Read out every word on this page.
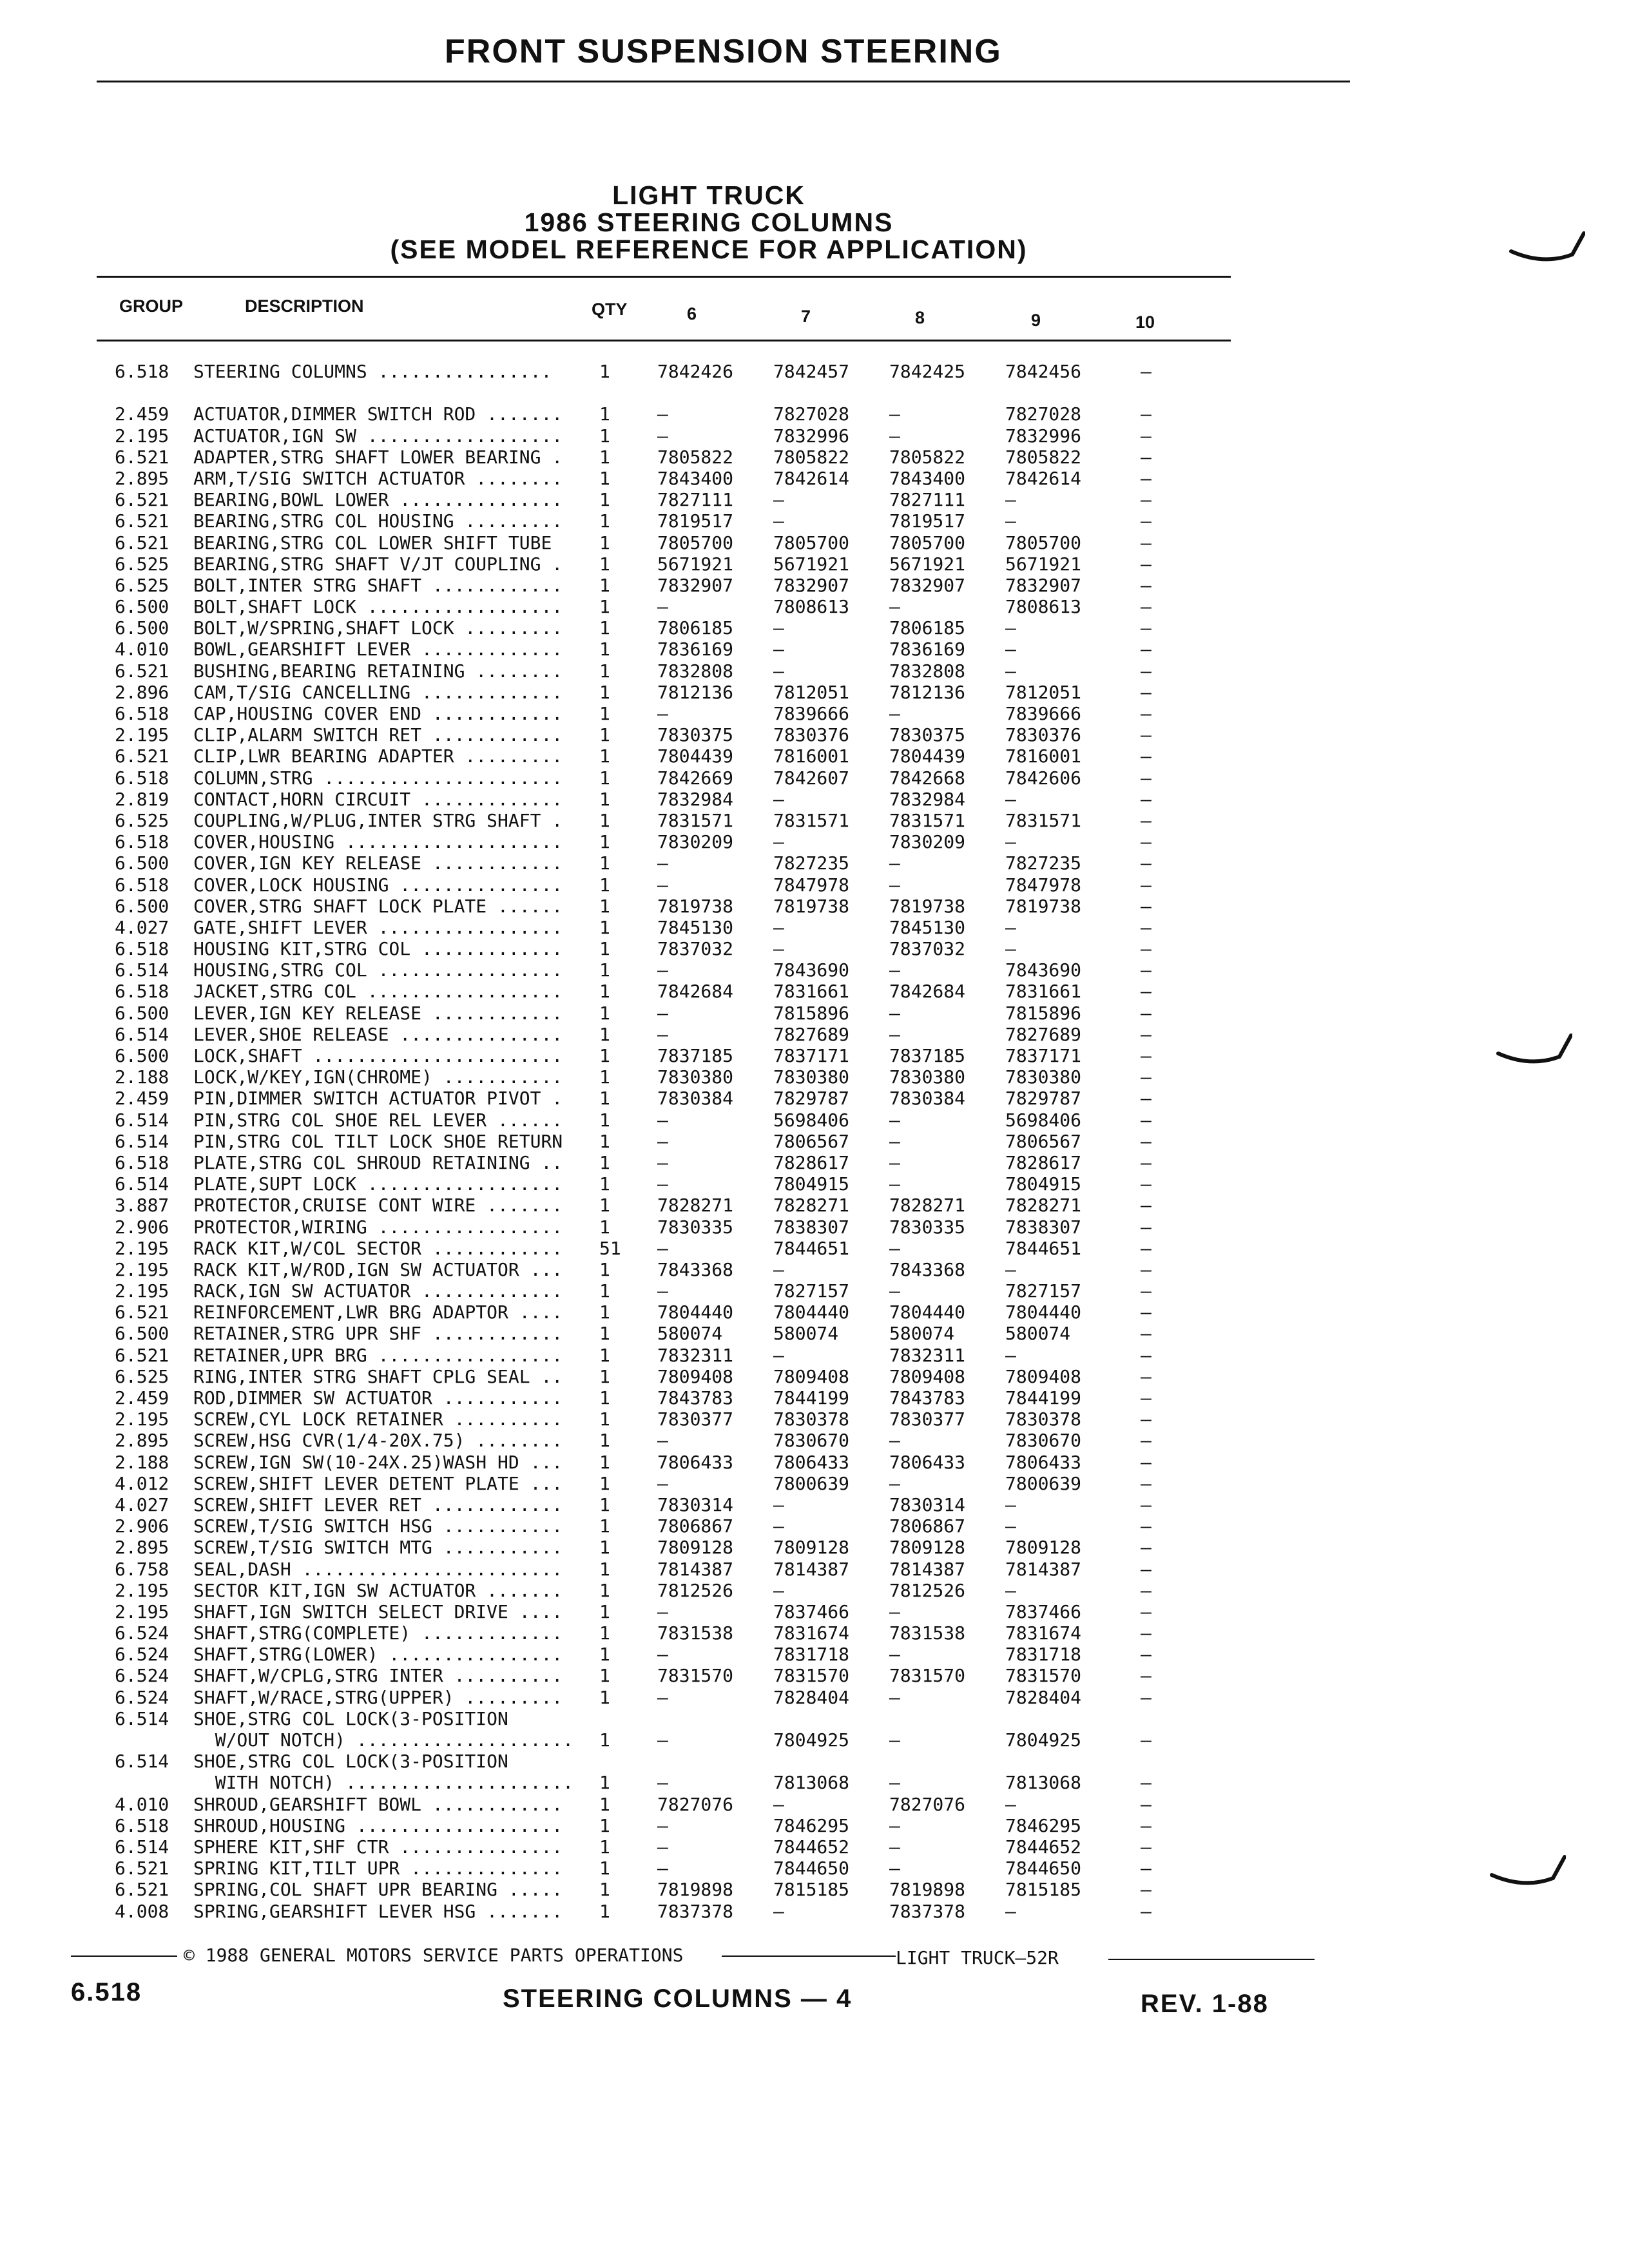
FRONT SUSPENSION STEERING
LIGHT TRUCK
1986 STEERING COLUMNS
(SEE MODEL REFERENCE FOR APPLICATION)
GROUP	DESCRIPTION	QTY	6	7	8	9	10
6.518 STEERING COLUMNS ................	1	7842426 7842457 7842425 7842456	—
2.459 ACTUATOR,DIMMER SWITCH ROD ....... 1	—	7827028 —	7827028	—
2.195 ACTUATOR,IGN SW .................. 1	—	7832996 —	7832996	—
6.521 ADAPTER,STRG SHAFT LOWER BEARING . 1	7805822 7805822 7805822 7805822	—
2.895 ARM,T/SIG SWITCH ACTUATOR ........ 1	7843400 7842614 7843400 7842614	—
6.521 BEARING,BOWL LOWER ............... 1	7827111 —	7827111 —	—
6.521 BEARING,STRG COL HOUSING ......... 1	7819517 —	7819517 —	—
6.521 BEARING,STRG COL LOWER SHIFT TUBE	1	7805700 7805700 7805700 7805700	—
6.525 BEARING,STRG SHAFT V/JT COUPLING . 1	5671921 5671921 5671921 5671921	—
6.525 BOLT,INTER STRG SHAFT ............ 1	7832907 7832907 7832907 7832907	—
6.500 BOLT,SHAFT LOCK .................. 1	—	7808613 —	7808613	—
6.500 BOLT,W/SPRING,SHAFT LOCK ......... 1	7806185 —	7806185 —	—
4.010 BOWL,GEARSHIFT LEVER ............. 1	7836169 —	7836169 —	—
6.521 BUSHING,BEARING RETAINING ........ 1	7832808 —	7832808 —	—
2.896 CAM,T/SIG CANCELLING ............. 1	7812136 7812051 7812136 7812051	—
6.518 CAP,HOUSING COVER END ............ 1	—	7839666 —	7839666	—
2.195 CLIP,ALARM SWITCH RET ............ 1	7830375 7830376 7830375 7830376	—
6.521 CLIP,LWR BEARING ADAPTER ......... 1	7804439 7816001 7804439 7816001	—
6.518 COLUMN,STRG ...................... 1	7842669 7842607 7842668 7842606	—
2.819 CONTACT,HORN CIRCUIT ............. 1	7832984 —	7832984 —	—
6.525 COUPLING,W/PLUG,INTER STRG SHAFT . 1	7831571 7831571 7831571 7831571	—
6.518 COVER,HOUSING .................... 1	7830209 —	7830209 —	—
6.500 COVER,IGN KEY RELEASE ............ 1	—	7827235 —	7827235	—
6.518 COVER,LOCK HOUSING ............... 1	—	7847978 —	7847978	—
6.500 COVER,STRG SHAFT LOCK PLATE ...... 1	7819738 7819738 7819738 7819738	—
4.027 GATE,SHIFT LEVER ................. 1	7845130 —	7845130 —	—
6.518 HOUSING KIT,STRG COL ............. 1	7837032 —	7837032 —	—
6.514 HOUSING,STRG COL ................. 1	—	7843690 —	7843690	—
6.518 JACKET,STRG COL .................. 1	7842684 7831661 7842684 7831661	—
6.500 LEVER,IGN KEY RELEASE ............ 1	—	7815896 —	7815896	—
6.514 LEVER,SHOE RELEASE ............... 1	—	7827689 —	7827689	—
6.500 LOCK,SHAFT ....................... 1	7837185 7837171 7837185 7837171	—
2.188 LOCK,W/KEY,IGN(CHROME) ........... 1	7830380 7830380 7830380 7830380	—
2.459 PIN,DIMMER SWITCH ACTUATOR PIVOT . 1	7830384 7829787 7830384 7829787	—
6.514 PIN,STRG COL SHOE REL LEVER ...... 1	—	5698406 —	5698406	—
6.514 PIN,STRG COL TILT LOCK SHOE RETURN 1	—	7806567 —	7806567	—
6.518 PLATE,STRG COL SHROUD RETAINING .. 1	—	7828617 —	7828617	—
6.514 PLATE,SUPT LOCK .................. 1	—	7804915 —	7804915	—
3.887 PROTECTOR,CRUISE CONT WIRE ....... 1	7828271 7828271 7828271 7828271	—
2.906 PROTECTOR,WIRING ................. 1	7830335 7838307 7830335 7838307	—
2.195 RACK KIT,W/COL SECTOR ............ 51 —	7844651 —	7844651	—
2.195 RACK KIT,W/ROD,IGN SW ACTUATOR ... 1	7843368 —	7843368 —	—
2.195 RACK,IGN SW ACTUATOR ............. 1	—	7827157 —	7827157	—
6.521 REINFORCEMENT,LWR BRG ADAPTOR .... 1	7804440 7804440 7804440 7804440	—
6.500 RETAINER,STRG UPR SHF ............ 1	580074	580074	580074	580074	—
6.521 RETAINER,UPR BRG ................. 1	7832311 —	7832311 —	—
6.525 RING,INTER STRG SHAFT CPLG SEAL .. 1	7809408 7809408 7809408 7809408	—
2.459 ROD,DIMMER SW ACTUATOR ........... 1	7843783 7844199 7843783 7844199	—
2.195 SCREW,CYL LOCK RETAINER .......... 1	7830377 7830378 7830377 7830378	—
2.895 SCREW,HSG CVR(1/4-20X.75) ........ 1	—	7830670 —	7830670	—
2.188 SCREW,IGN SW(10-24X.25)WASH HD ... 1	7806433 7806433 7806433 7806433	—
4.012 SCREW,SHIFT LEVER DETENT PLATE ... 1	—	7800639 —	7800639	—
4.027 SCREW,SHIFT LEVER RET ............ 1	7830314 —	7830314 —	—
2.906 SCREW,T/SIG SWITCH HSG ........... 1	7806867 —	7806867 —	—
2.895 SCREW,T/SIG SWITCH MTG ........... 1	7809128 7809128 7809128 7809128	—
6.758 SEAL,DASH ........................ 1	7814387 7814387 7814387 7814387	—
2.195 SECTOR KIT,IGN SW ACTUATOR ....... 1	7812526 —	7812526 —	—
2.195 SHAFT,IGN SWITCH SELECT DRIVE .... 1	—	7837466 —	7837466	—
6.524 SHAFT,STRG(COMPLETE) ............. 1	7831538 7831674 7831538 7831674	—
6.524 SHAFT,STRG(LOWER) ................ 1	—	7831718 —	7831718	—
6.524 SHAFT,W/CPLG,STRG INTER .......... 1	7831570 7831570 7831570 7831570	—
6.524 SHAFT,W/RACE,STRG(UPPER) ......... 1	—	7828404 —	7828404	—
6.514 SHOE,STRG COL LOCK(3-POSITION
W/OUT NOTCH) .................... 1	—	7804925 —	7804925	—
6.514 SHOE,STRG COL LOCK(3-POSITION
WITH NOTCH) ..................... 1	—	7813068 —	7813068	—
4.010 SHROUD,GEARSHIFT BOWL ............ 1	7827076 —	7827076 —	—
6.518 SHROUD,HOUSING ................... 1	—	7846295 —	7846295	—
6.514 SPHERE KIT,SHF CTR ............... 1	—	7844652 —	7844652	—
6.521 SPRING KIT,TILT UPR .............. 1	—	7844650 —	7844650	—
6.521 SPRING,COL SHAFT UPR BEARING ..... 1	7819898 7815185 7819898 7815185	—
4.008 SPRING,GEARSHIFT LEVER HSG ....... 1	7837378 —	7837378 —	—
© 1988 GENERAL MOTORS SERVICE PARTS OPERATIONS	LIGHT TRUCK—52R
6.518	STEERING COLUMNS — 4	REV. 1-88
